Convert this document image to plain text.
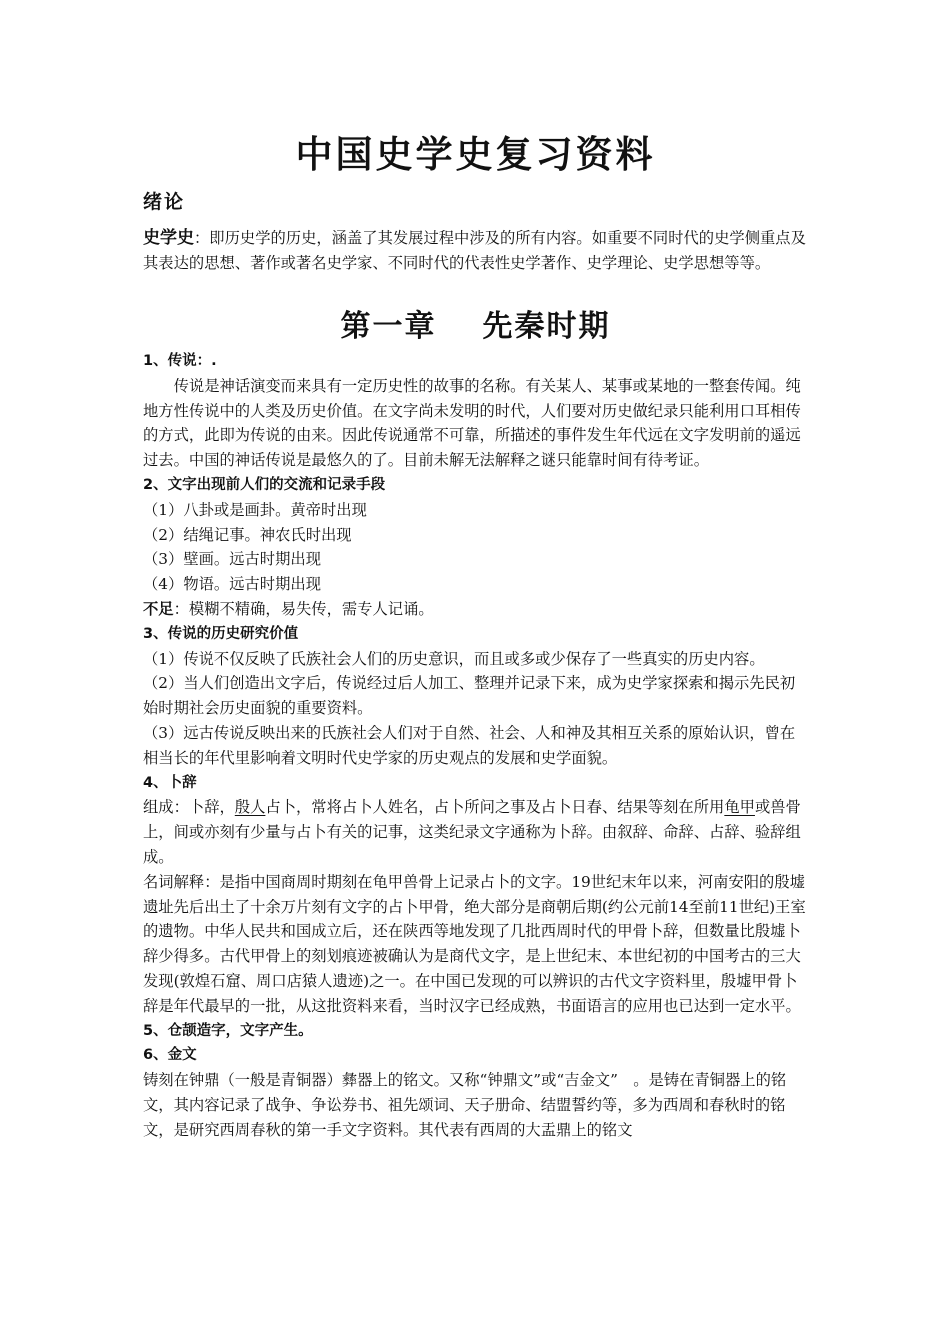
中国史学史复习资料
绪论
史学史：即历史学的历史，涵盖了其发展过程中涉及的所有内容。如重要不同时代的史学侧重点及其表达的思想、著作或著名史学家、不同时代的代表性史学著作、史学理论、史学思想等等。
第一章 先秦时期

1、传说：.

传说是神话演变而来具有一定历史性的故事的名称。有关某人、某事或某地的一整套传闻。纯地方性传说中的人类及历史价值。在文字尚未发明的时代，人们要对历史做纪录只能利用口耳相传的方式，此即为传说的由来。因此传说通常不可靠，所描述的事件发生年代远在文字发明前的遥远过去。中国的神话传说是最悠久的了。目前未解无法解释之谜只能靠时间有待考证。

2、文字出现前人们的交流和记录手段

（1）八卦或是画卦。黄帝时出现

（2）结绳记事。神农氏时出现

（3）壁画。远古时期出现

（4）物语。远古时期出现

不足：模糊不精确，易失传，需专人记诵。

3、传说的历史研究价值

（1）传说不仅反映了氏族社会人们的历史意识，而且或多或少保存了一些真实的历史内容。

（2）当人们创造出文字后，传说经过后人加工、整理并记录下来，成为史学家探索和揭示先民初始时期社会历史面貌的重要资料。

（3）远古传说反映出来的氏族社会人们对于自然、社会、人和神及其相互关系的原始认识，曾在相当长的年代里影响着文明时代史学家的历史观点的发展和史学面貌。

4、卜辞

组成：卜辞，殷人占卜，常将占卜人姓名，占卜所问之事及占卜日春、结果等刻在所用龟甲或兽骨上，间或亦刻有少量与占卜有关的记事，这类纪录文字通称为卜辞。由叙辞、命辞、占辞、验辞组成。

名词解释：是指中国商周时期刻在龟甲兽骨上记录占卜的文字。19世纪末年以来，河南安阳的殷墟遗址先后出土了十余万片刻有文字的占卜甲骨，绝大部分是商朝后期(约公元前14至前11世纪)王室的遗物。中华人民共和国成立后，还在陕西等地发现了几批西周时代的甲骨卜辞，但数量比殷墟卜辞少得多。古代甲骨上的刻划痕迹被确认为是商代文字，是上世纪末、本世纪初的中国考古的三大发现(敦煌石窟、周口店猿人遗迹)之一。在中国已发现的可以辨识的古代文字资料里，殷墟甲骨卜辞是年代最早的一批，从这批资料来看，当时汉字已经成熟，书面语言的应用也已达到一定水平。

5、仓颉造字，文字产生。

6、金文

铸刻在钟鼎（一般是青铜器）彝器上的铭文。又称“钟鼎文”或“吉金文”　。是铸在青铜器上的铭文，其内容记录了战争、争讼券书、祖先颂词、天子册命、结盟誓约等，多为西周和春秋时的铭文，是研究西周春秋的第一手文字资料。其代表有西周的大盂鼎上的铭文
